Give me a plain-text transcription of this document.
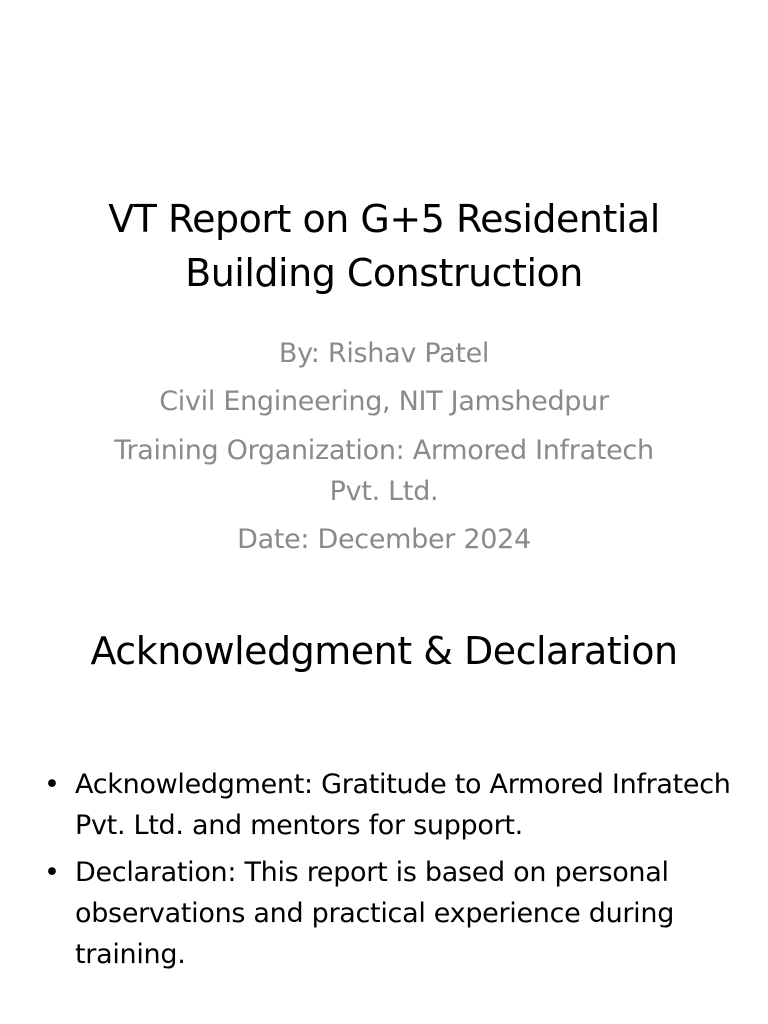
VT Report on G+5 Residential
Building Construction
By: Rishav Patel
Civil Engineering, NIT Jamshedpur
Training Organization: Armored Infratech Pvt. Ltd.
Date: December 2024
Acknowledgment & Declaration
• Acknowledgment: Gratitude to Armored Infratech Pvt. Ltd. and mentors for support.
• Declaration: This report is based on personal observations and practical experience during training.
